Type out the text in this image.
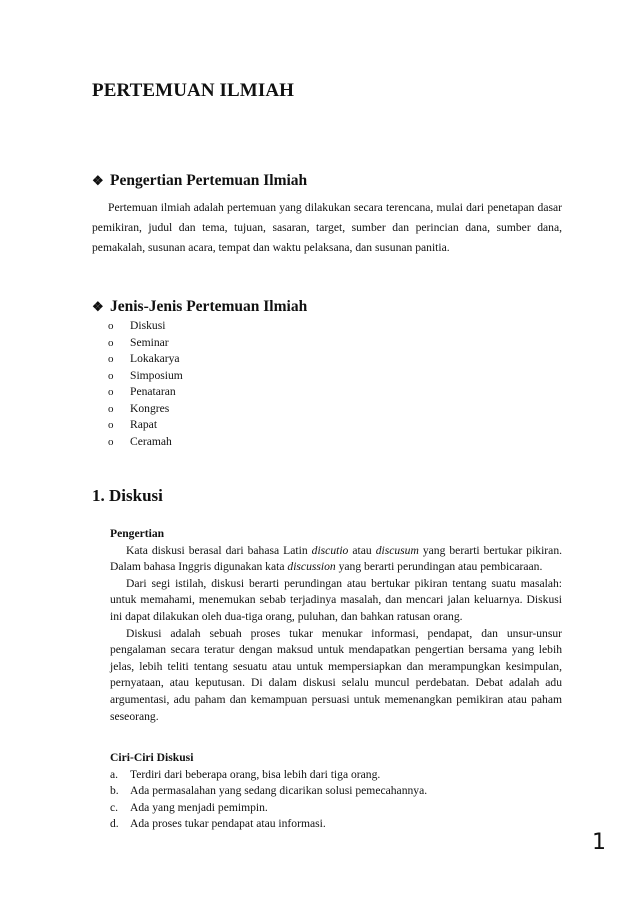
PERTEMUAN ILMIAH
❖ Pengertian Pertemuan Ilmiah

Pertemuan ilmiah adalah pertemuan yang dilakukan secara terencana, mulai dari penetapan dasar pemikiran, judul dan tema, tujuan, sasaran, target, sumber dan perincian dana, sumber dana, pemakalah, susunan acara, tempat dan waktu pelaksana, dan susunan panitia.

❖ Jenis-Jenis Pertemuan Ilmiah
o Diskusi
o Seminar
o Lokakarya
o Simposium
o Penataran
o Kongres
o Rapat
o Ceramah
1. Diskusi

Pengertian

Kata diskusi berasal dari bahasa Latin discutio atau discusum yang berarti bertukar pikiran. Dalam bahasa Inggris digunakan kata discussion yang berarti perundingan atau pembicaraan.

Dari segi istilah, diskusi berarti perundingan atau bertukar pikiran tentang suatu masalah: untuk memahami, menemukan sebab terjadinya masalah, dan mencari jalan keluarnya. Diskusi ini dapat dilakukan oleh dua-tiga orang, puluhan, dan bahkan ratusan orang.

Diskusi adalah sebuah proses tukar menukar informasi, pendapat, dan unsur-unsur pengalaman secara teratur dengan maksud untuk mendapatkan pengertian bersama yang lebih jelas, lebih teliti tentang sesuatu atau untuk mempersiapkan dan merampungkan kesimpulan, pernyataan, atau keputusan. Di dalam diskusi selalu muncul perdebatan. Debat adalah adu argumentasi, adu paham dan kemampuan persuasi untuk memenangkan pemikiran atau paham seseorang.

Ciri-Ciri Diskusi

a. Terdiri dari beberapa orang, bisa lebih dari tiga orang.
b. Ada permasalahan yang sedang dicarikan solusi pemecahannya.
c. Ada yang menjadi pemimpin.
d. Ada proses tukar pendapat atau informasi.
1
